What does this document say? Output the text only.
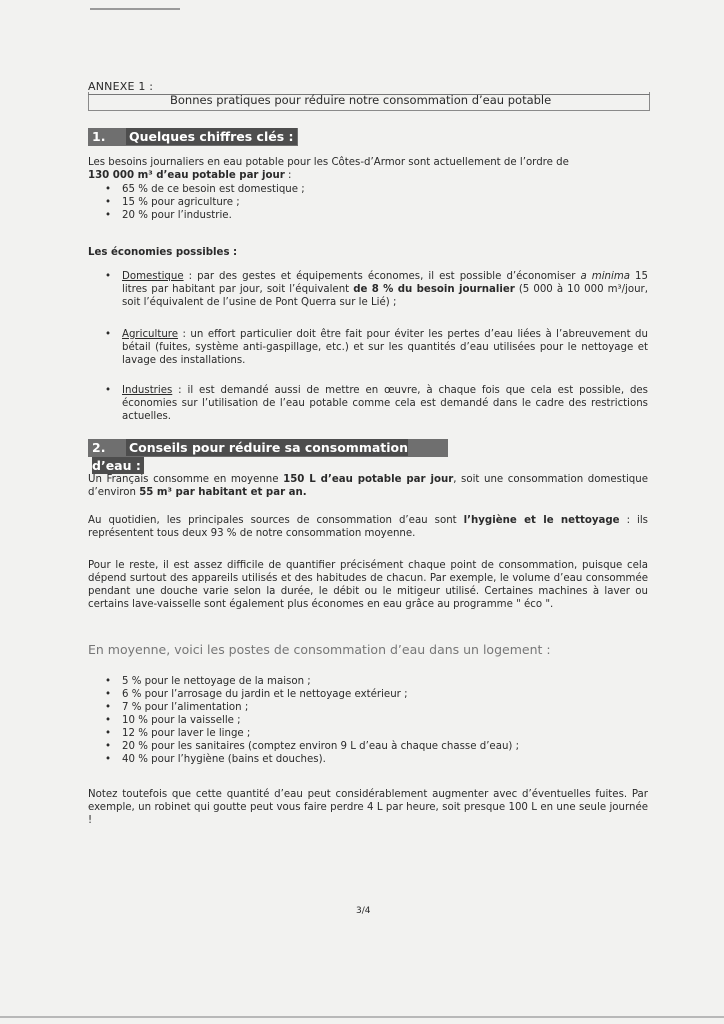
ANNEXE 1 :
Bonnes pratiques pour réduire notre consommation d’eau potable
1. Quelques chiffres clés :
Les besoins journaliers en eau potable pour les Côtes-d’Armor sont actuellement de l’ordre de
130 000 m³ d’eau potable par jour :
• 65 % de ce besoin est domestique ;
• 15 % pour agriculture ;
• 20 % pour l’industrie.
Les économies possibles :
• Domestique : par des gestes et équipements économes, il est possible d’économiser a minima 15 litres par habitant par jour, soit l’équivalent de 8 % du besoin journalier (5 000 à 10 000 m³/jour, soit l’équivalent de l’usine de Pont Querra sur le Lié) ;
• Agriculture : un effort particulier doit être fait pour éviter les pertes d’eau liées à l’abreuvement du bétail (fuites, système anti-gaspillage, etc.) et sur les quantités d’eau utilisées pour le nettoyage et lavage des installations.
• Industries : il est demandé aussi de mettre en œuvre, à chaque fois que cela est possible, des économies sur l’utilisation de l’eau potable comme cela est demandé dans le cadre des restrictions actuelles.
2. Conseils pour réduire sa consommation d’eau :
Un Français consomme en moyenne 150 L d’eau potable par jour, soit une consommation domestique d’environ 55 m³ par habitant et par an.
Au quotidien, les principales sources de consommation d’eau sont l’hygiène et le nettoyage : ils représentent tous deux 93 % de notre consommation moyenne.
Pour le reste, il est assez difficile de quantifier précisément chaque point de consommation, puisque cela dépend surtout des appareils utilisés et des habitudes de chacun. Par exemple, le volume d’eau consommée pendant une douche varie selon la durée, le débit ou le mitigeur utilisé. Certaines machines à laver ou certains lave-vaisselle sont également plus économes en eau grâce au programme " éco ".
En moyenne, voici les postes de consommation d’eau dans un logement :
• 5 % pour le nettoyage de la maison ;
• 6 % pour l’arrosage du jardin et le nettoyage extérieur ;
• 7 % pour l’alimentation ;
• 10 % pour la vaisselle ;
• 12 % pour laver le linge ;
• 20 % pour les sanitaires (comptez environ 9 L d’eau à chaque chasse d’eau) ;
• 40 % pour l’hygiène (bains et douches).
Notez toutefois que cette quantité d’eau peut considérablement augmenter avec d’éventuelles fuites. Par exemple, un robinet qui goutte peut vous faire perdre 4 L par heure, soit presque 100 L en une seule journée !
3/4
